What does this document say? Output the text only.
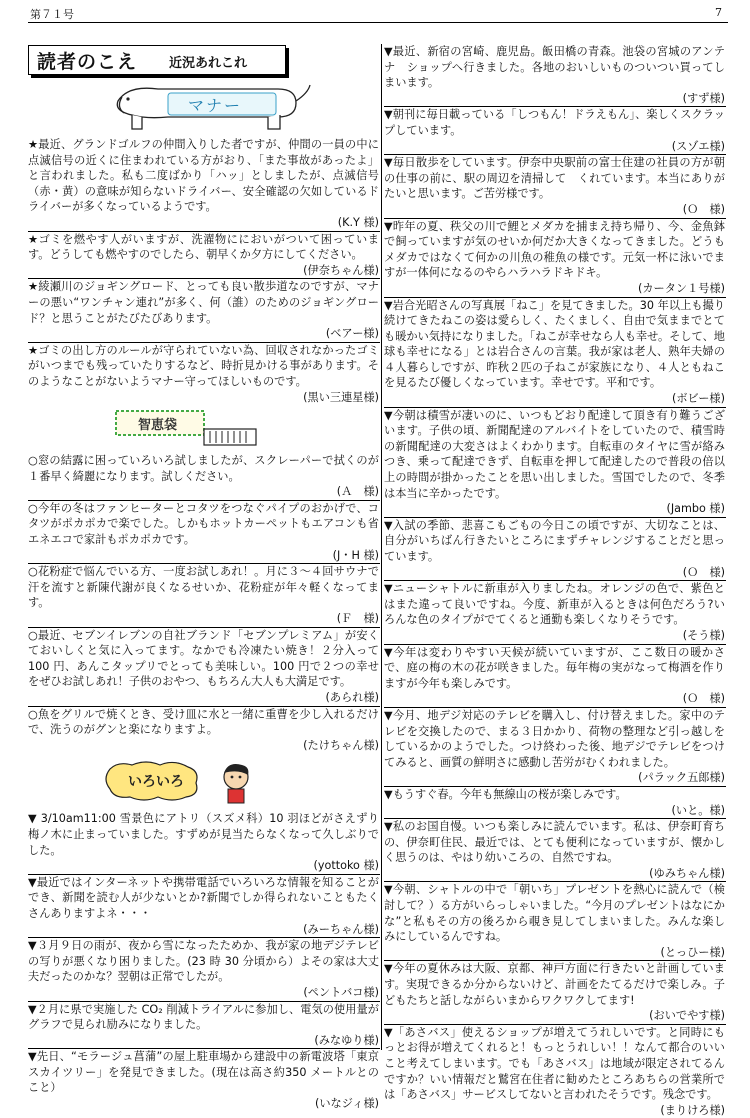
第７１号	7
読者のこえ 近況あれこれ
マナー
★最近、グランドゴルフの仲間入りした者ですが、仲間の一員の中に点滅信号の近くに住まわれている方がおり、「また事故があったよ」と言われました。私も二度ばかり「ハッ」としましたが、点滅信号（赤・黄）の意味が知らないドライバー、安全確認の欠如しているドライバーが多くなっているようです。
(K.Y 様)
★ゴミを燃やす人がいますが、洗濯物ににおいがついて困っています。どうしても燃やすのでしたら、朝早くか夕方にしてください。
(伊奈ちゃん様)
★綾瀬川のジョギングロード、とっても良い散歩道なのですが、マナーの悪い“ワンチャン連れ”が多く、何（誰）のためのジョギングロード？と思うことがたびたびあります。
(ベアー様)
★ゴミの出し方のルールが守られていない為、回収されなかったゴミがいつまでも残っていたりするなど、時折見かける事があります。そのようなことがないようマナー守ってほしいものです。
(黒い三連星様)
智恵袋
○窓の結露に困っていろいろ試しましたが、スクレーパーで拭くのが１番早く綺麗になります。試しください。
(Ａ　様)
○今年の冬はファンヒーターとコタツをつなぐパイプのおかげで、コタツがポカポカで楽でした。しかもホットカーペットもエアコンも省エネエコで家計もポカポカです。
(J・H 様)
○花粉症で悩んでいる方、一度お試しあれ！。月に３～４回サウナで汗を流すと新陳代謝が良くなるせいか、花粉症が年々軽くなってます。
(Ｆ　様)
○最近、セブンイレブンの自社ブランド「セブンプレミアム」が安くておいしくと気に入ってます。なかでも冷凍たい焼き！２分入って 100 円、あんこタップリでとっても美味しい。100 円で２つの幸せをぜひお試しあれ！子供のおやつ、もちろん大人も大満足です。
(あられ様)
○魚をグリルで焼くとき、受け皿に水と一緒に重曹を少し入れるだけで、洗うのがグンと楽になりますよ。
(たけちゃん様)
いろいろ
▼ 3/10am11:00 雪景色にアトリ（スズメ科）10 羽ほどがさえずり梅ノ木に止まっていました。すずめが見当たらなくなって久しぶりでした。
(yottoko 様)
▼最近ではインターネットや携帯電話でいろいろな情報を知ることができ、新聞を読む人が少ないとか?新聞でしか得られないこともたくさんありますよネ・・・
(みーちゃん様)
▼３月９日の雨が、夜から雪になったためか、我が家の地デジテレビの写りが悪くなり困りました。(23 時 30 分頃から）よその家は大丈夫だったのかな？翌朝は正常でしたが。
(ペントバコ様)
▼２月に県で実施した CO₂ 削減トライアルに参加し、電気の使用量がグラフで見られ励みになりました。
(みなゆり様)
▼先日、“モラージュ菖蒲”の屋上駐車場から建設中の新電波塔「東京　スカイツリー」を発見できました。(現在は高さ約350 メートルとのこと）
(いなジィ様)
▼最近、新宿の宮崎、鹿児島。飯田橋の青森。池袋の宮城のアンテナ　ショップへ行きました。各地のおいしいものついつい買ってしまいます。
(すず様)
▼朝刊に毎日載っている「しつもん！ドラえもん」、楽しくスクラップしています。
(スゾエ様)
▼毎日散歩をしています。伊奈中央駅前の富士住建の社員の方が朝の仕事の前に、駅の周辺を清掃して　くれています。本当にありがたいと思います。ご苦労様です。
(Ｏ　様)
▼昨年の夏、秩父の川で鯉とメダカを捕まえ持ち帰り、今、金魚鉢で飼っていますが気のせいか何だか大きくなってきました。どうもメダカではなくて何かの川魚の稚魚の様です。元気一杯に泳いでますが一体何になるのやらハラハラドキドキ。
(カータン１号様)
▼岩合光昭さんの写真展「ねこ」を見てきました。30 年以上も撮り続けてきたねこの姿は愛らしく、たくましく、自由で気ままでとても暖かい気持になりました。「ねこが幸せなら人も幸せ。そして、地球も幸せになる」とは岩合さんの言葉。我が家は老人、熟年夫婦の４人暮らしですが、昨秋２匹の子ねこが家族になり、４人ともねこを見るたび優しくなっています。幸せです。平和です。
(ボビー様)
▼今朝は積雪が凄いのに、いつもどおり配達して頂き有り難うございます。子供の頃、新聞配達のアルバイトをしていたので、積雪時の新聞配達の大変さはよくわかります。自転車のタイヤに雪が絡みつき、乗って配達できず、自転車を押して配達したので普段の倍以上の時間が掛かったことを思い出しました。雪国でしたので、冬季は本当に辛かったです。
(Jambo 様)
▼入試の季節、悲喜こもごもの今日この頃ですが、大切なことは、自分がいちばん行きたいところにまずチャレンジすることだと思っています。
(Ｏ　様)
▼ニューシャトルに新車が入りましたね。オレンジの色で、紫色とはまた違って良いですね。今度、新車が入るときは何色だろう?いろんな色のタイプがでてくると通勤も楽しくなりそうです。
(そう様)
▼今年は変わりやすい天候が続いていますが、ここ数日の暖かさで、庭の梅の木の花が咲きました。毎年梅の実がなって梅酒を作りますが今年も楽しみです。
(Ｏ　様)
▼今月、地デジ対応のテレビを購入し、付け替えました。家中のテレビを交換したので、まる３日かかり、荷物の整理など引っ越しをしているかのようでした。つけ終わった後、地デジでテレビをつけてみると、画質の鮮明さに感動し苦労がむくわれました。
(パラック五郎様)
▼もうすぐ春。今年も無線山の桜が楽しみです。
(いと。様)
▼私のお国自慢。いつも楽しみに読んでいます。私は、伊奈町育ちの、伊奈町住民、最近では、とても便利になっていますが、懐かしく思うのは、やはり幼いころの、自然ですね。
(ゆみちゃん様)
▼今朝、シャトルの中で「朝いち」プレゼントを熱心に読んで（検討して？）る方がいらっしゃいました。“今月のプレゼントはなにかな”と私もその方の後ろから覗き見してしまいました。みんな楽しみにしているんですね。
(とっひー様)
▼今年の夏休みは大阪、京都、神戸方面に行きたいと計画しています。実現できるか分からないけど、計画をたてるだけで楽しみ。子どもたちと話しながらいまからワクワクしてます!
(おいでやす様)
▼「あさバス」使えるショップが増えてうれしいです。と同時にもっとお得が増えてくれると！もっとうれしい！！なんて都合のいいこと考えてしまいます。でも「あさバス」は地域が限定されてるんですか？いい情報だと鷲宮在住者に勧めたところあちらの営業所では「あさバス」サービスしてないと言われたそうです。残念です。
(まりけろ様)
